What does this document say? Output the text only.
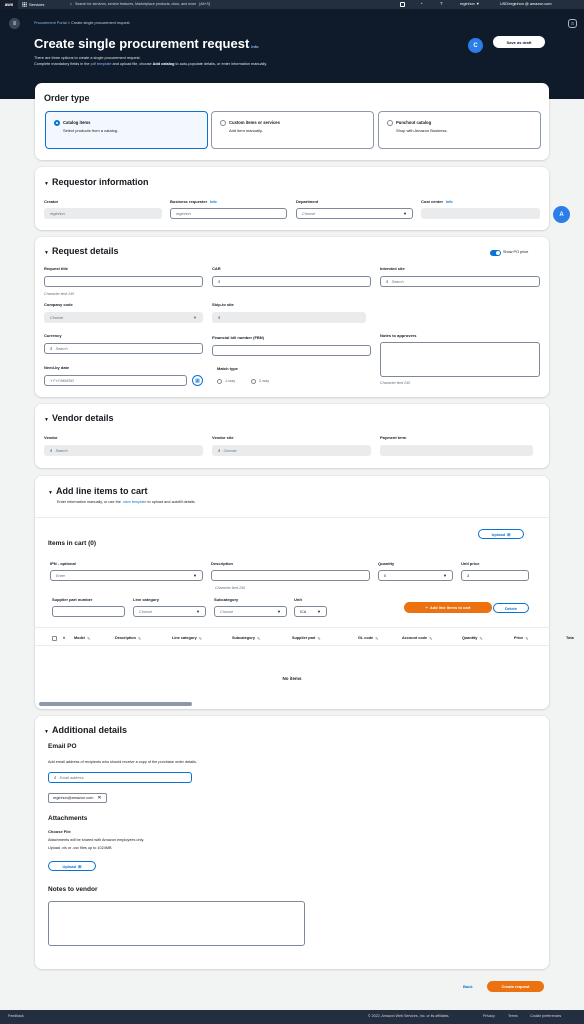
aws	Services	⌕ Search for services, service features, Marketplace products, docs, and more [Alt+S]	◔	?	reginhon ▼	USD/reginhon @ amazon.com
≡	Procurement Portal > Create single procurement request
Create single procurement request Info
There are three options to create a single procurement request.
Complete mandatory fields in the pdf template and upload file, choose Add catalog to auto-populate details, or enter information manually.
C
Save as draft
⊡
Order type
Catalog items
Select products from a catalog.
Custom items or services
Add item manually.
Punchout catalog
Shop with Amazon Business.
▼ Requestor information
Creator
reginhon
Business requester Info
reginhon
Department
Choose ▼
Cost center Info
A
▼ Request details	Show PO price
Request title
Character limit 240
CAR
⌕
Intended site
⌕ Search
Company code
Choose ▼
Ship-to site
⌕
Currency
⌕ Search
Financial bill number (FBN)	Notes to approvers
Character limit 240
Need-by date
YYYY/MM/DD	▦
Match type
1-way	2-way
▼ Vendor details
Vendor
⌕ Search
Vendor site
⌕ Choose
Payment term
▼ Add line items to cart
Enter information manually, or use the .xlsm template to upload and autofill details.
Upload ⊞
Items in cart (0)
IPN - optional
Enter ▼
Description
Character limit 240
Quantity
0 ▼
Unit price
3
Supplier part number	Line category
Choose ▼
Subcategory
Choose ▼
Unit
ICA ▼
+ Add line items to cart	Delete
#	Model ✎	Description ✎	Line category ✎	Subcategory ✎	Supplier part ✎	GL code ✎	Account code ✎	Quantity ✎	Price ✎	Tota
No items
▼ Additional details
Email PO
Add email address of recipients who should receive a copy of the purchase order details.
⌕ Email address
reginhon@amazon.com ✕
Attachments
Choose File
Attachments will be shared with Amazon employees only.
Upload .xls or .csv files up to 1024MB
Upload ⊞
Notes to vendor
Back	Create request
Feedback	© 2022, Amazon Web Services, Inc. or its affiliates.	Privacy	Terms	Cookie preferences
